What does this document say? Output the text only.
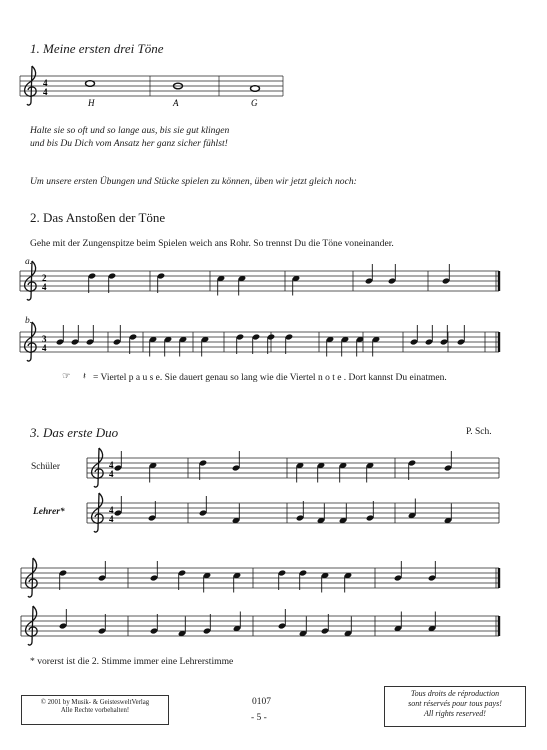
1. Meine ersten drei Töne
Halte sie so oft und so lange aus, bis sie gut klingen
und bis Du Dich vom Ansatz her ganz sicher fühlst!
Um unsere ersten Übungen und Stücke spielen zu können, üben wir jetzt gleich noch:
2. Das Anstoßen der Töne
Gehe mit der Zungenspitze beim Spielen weich ans Rohr. So trennst Du die Töne voneinander.
a.
b.
☞ 𝄽 = Viertel p a u s e. Sie dauert genau so lang wie die Viertel n o t e . Dort kannst Du einatmen.
3. Das erste Duo	P. Sch.
Schüler
Lehrer*
* vorerst ist die 2. Stimme immer eine Lehrerstimme
© 2001 by Musik- & GeistesweltVerlag
Alle Rechte vorbehalten!
0107
- 5 -
Tous droits de réproduction
sont réservés pour tous pays!
All rights reserved!
4
4
H	A	G
2
4
3
4
4
4
4
4
